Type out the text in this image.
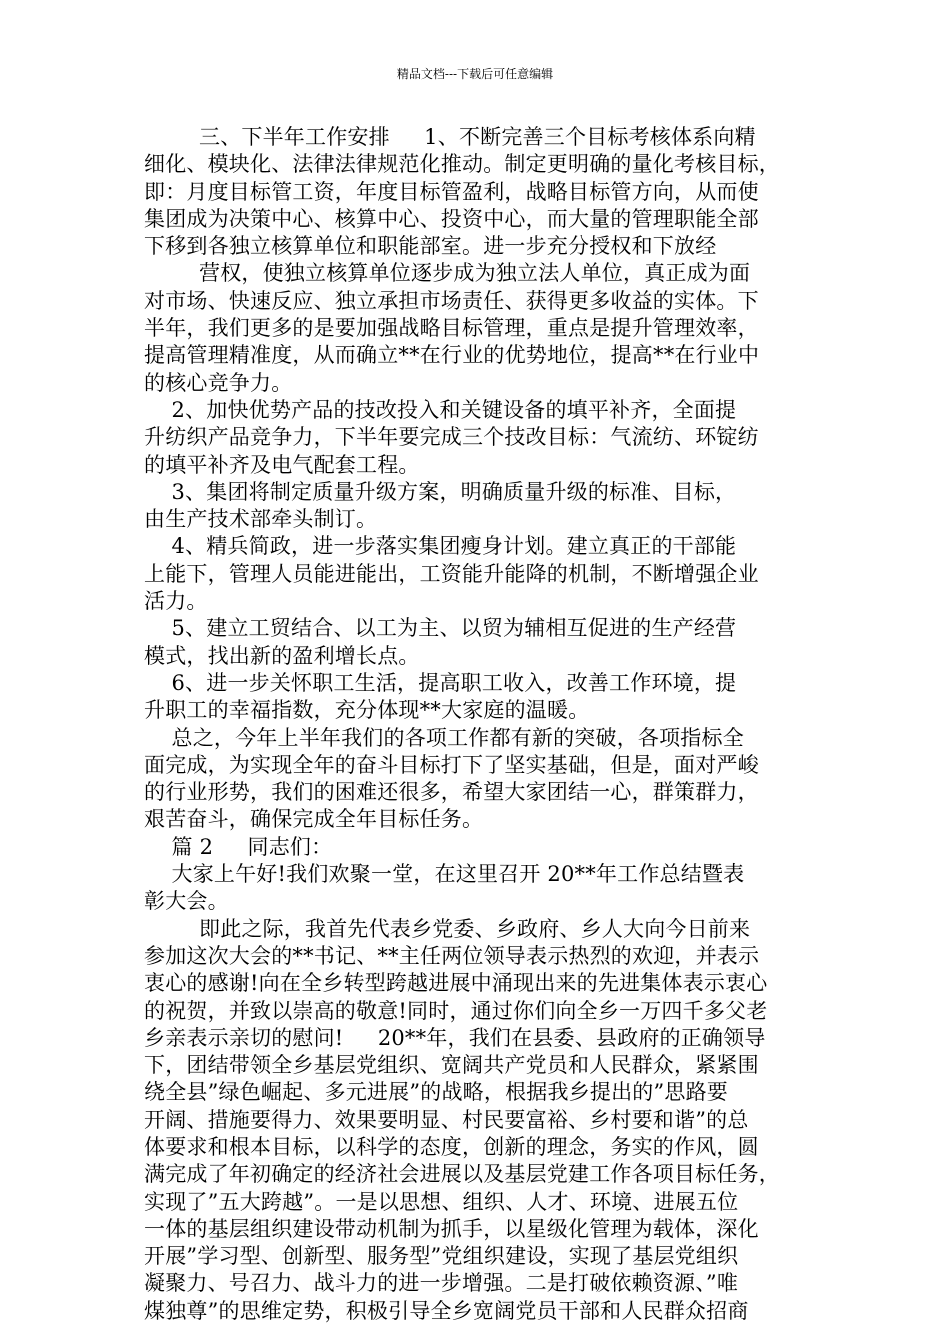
精品文档---下载后可任意编辑

三、下半年工作安排     1、不断完善三个目标考核体系向精

细化、模块化、法律法律规范化推动。制定更明确的量化考核目标，

即：月度目标管工资，年度目标管盈利，战略目标管方向，从而使

集团成为决策中心、核算中心、投资中心，而大量的管理职能全部

下移到各独立核算单位和职能部室。进一步充分授权和下放经

营权，使独立核算单位逐步成为独立法人单位，真正成为面

对市场、快速反应、独立承担市场责任、获得更多收益的实体。下

半年，我们更多的是要加强战略目标管理，重点是提升管理效率，

提高管理精准度，从而确立**在行业的优势地位，提高**在行业中

的核心竞争力。

2、加快优势产品的技改投入和关键设备的填平补齐，全面提

升纺织产品竞争力，下半年要完成三个技改目标：气流纺、环锭纺

的填平补齐及电气配套工程。

3、集团将制定质量升级方案，明确质量升级的标准、目标，

由生产技术部牵头制订。

4、精兵简政，进一步落实集团瘦身计划。建立真正的干部能

上能下，管理人员能进能出，工资能升能降的机制，不断增强企业

活力。

5、建立工贸结合、以工为主、以贸为辅相互促进的生产经营

模式，找出新的盈利增长点。

6、进一步关怀职工生活，提高职工收入，改善工作环境，提

升职工的幸福指数，充分体现**大家庭的温暖。

总之，今年上半年我们的各项工作都有新的突破，各项指标全

面完成，为实现全年的奋斗目标打下了坚实基础，但是，面对严峻

的行业形势，我们的困难还很多，希望大家团结一心，群策群力，

艰苦奋斗，确保完成全年目标任务。

篇 2     同志们：

大家上午好!我们欢聚一堂，在这里召开 20**年工作总结暨表

彰大会。

即此之际，我首先代表乡党委、乡政府、乡人大向今日前来

参加这次大会的**书记、**主任两位领导表示热烈的欢迎，并表示

衷心的感谢!向在全乡转型跨越进展中涌现出来的先进集体表示衷心

的祝贺，并致以崇高的敬意!同时，通过你们向全乡一万四千多父老

乡亲表示亲切的慰问!     20**年，我们在县委、县政府的正确领导

下，团结带领全乡基层党组织、宽阔共产党员和人民群众，紧紧围

绕全县”绿色崛起、多元进展”的战略，根据我乡提出的”思路要

开阔、措施要得力、效果要明显、村民要富裕、乡村要和谐”的总

体要求和根本目标，以科学的态度，创新的理念，务实的作风，圆

满完成了年初确定的经济社会进展以及基层党建工作各项目标任务，

实现了”五大跨越”。一是以思想、组织、人才、环境、进展五位

一体的基层组织建设带动机制为抓手，以星级化管理为载体，深化

开展”学习型、创新型、服务型”党组织建设，实现了基层党组织

凝聚力、号召力、战斗力的进一步增强。二是打破依赖资源、”唯

煤独尊”的思维定势，积极引导全乡宽阔党员干部和人民群众招商
